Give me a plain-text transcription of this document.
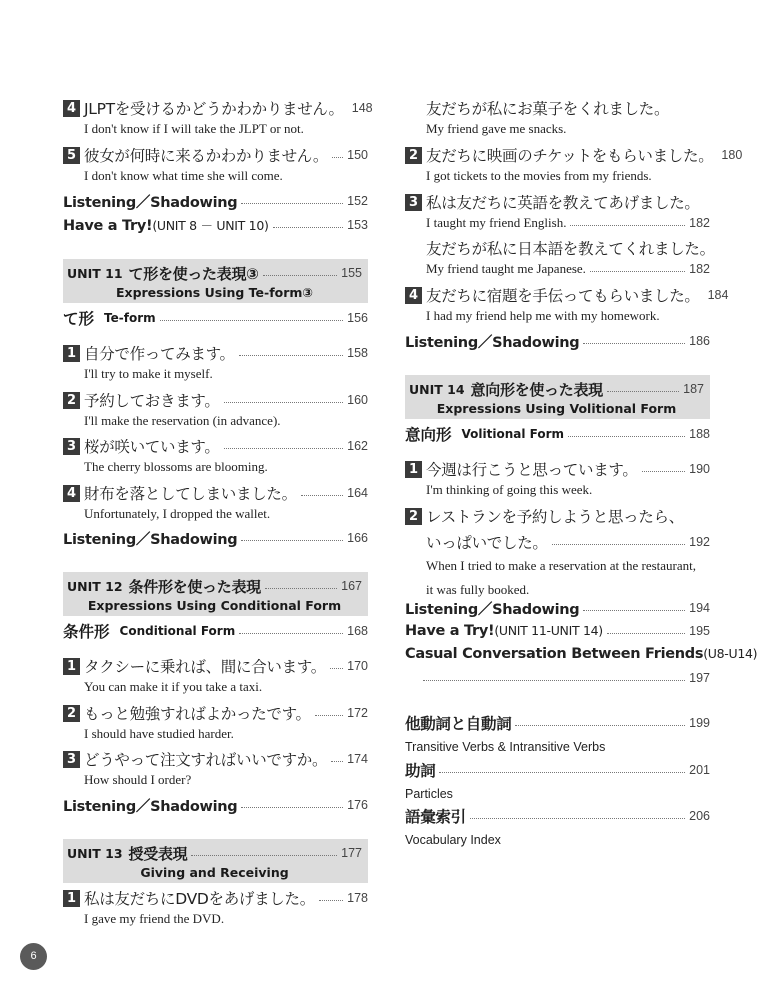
4 JLPTを受けるかどうかわかりません。 148
I don't know if I will take the JLPT or not.
5 彼女が何時に来るかわかりません。 150
I don't know what time she will come.
Listening／Shadowing	152
Have a Try!(UNIT 8 － UNIT 10)	153
UNIT 11 て形を使った表現③	155
Expressions Using Te-form③
て形 Te-form	156
1 自分で作ってみます。	158
I'll try to make it myself.
2 予約しておきます。	160
I'll make the reservation (in advance).
3 桜が咲いています。	162
The cherry blossoms are blooming.
4 財布を落としてしまいました。	164
Unfortunately, I dropped the wallet.
Listening／Shadowing	166
UNIT 12 条件形を使った表現	167
Expressions Using Conditional Form
条件形 Conditional Form	168
1 タクシーに乗れば、間に合います。 170
You can make it if you take a taxi.
2 もっと勉強すればよかったです。	172
I should have studied harder.
3 どうやって注文すればいいですか。 174
How should I order?
Listening／Shadowing	176
UNIT 13 授受表現	177
Giving and Receiving
1 私は友だちにDVDをあげました。	178
I gave my friend the DVD.
友だちが私にお菓子をくれました。
My friend gave me snacks.
2 友だちに映画のチケットをもらいました。 180
I got tickets to the movies from my friends.
3 私は友だちに英語を教えてあげました。
I taught my friend English.	182
友だちが私に日本語を教えてくれました。
My friend taught me Japanese.	182
4 友だちに宿題を手伝ってもらいました。 184
I had my friend help me with my homework.
Listening／Shadowing	186
UNIT 14 意向形を使った表現	187
Expressions Using Volitional Form
意向形 Volitional Form	188
1 今週は行こうと思っています。	190
I'm thinking of going this week.
2 レストランを予約しようと思ったら、
いっぱいでした。	192
When I tried to make a reservation at the restaurant,
it was fully booked.
Listening／Shadowing	194
Have a Try!(UNIT 11-UNIT 14)	195
Casual Conversation Between Friends(U8-U14)
197
他動詞と自動詞	199
Transitive Verbs & Intransitive Verbs
助詞	201
Particles
語彙索引	206
Vocabulary Index
6
